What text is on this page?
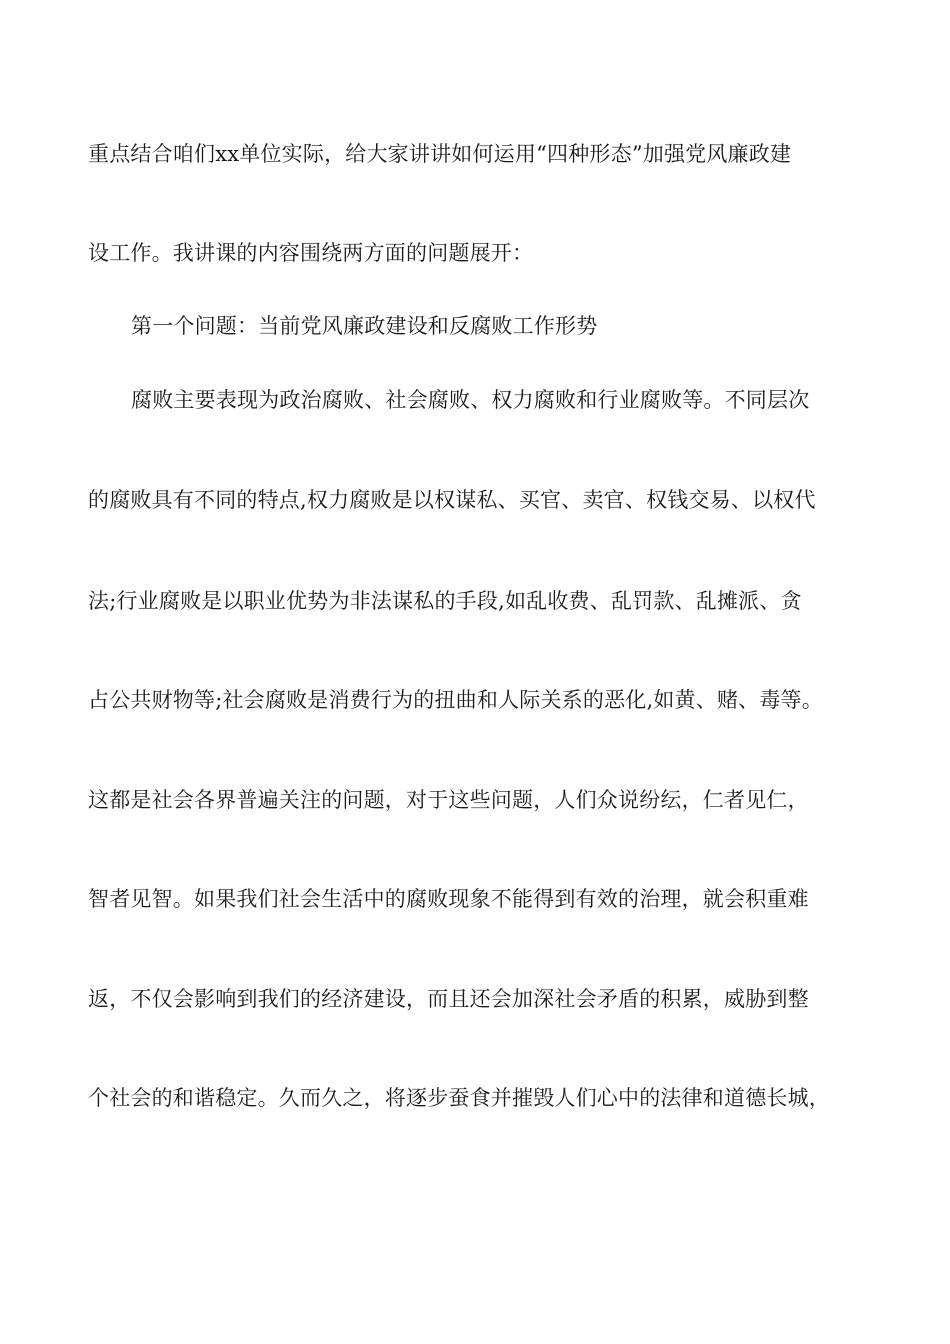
重点结合咱们xx单位实际，给大家讲讲如何运用“四种形态”加强党风廉政建
设工作。我讲课的内容围绕两方面的问题展开：
第一个问题：当前党风廉政建设和反腐败工作形势
腐败主要表现为政治腐败、社会腐败、权力腐败和行业腐败等。不同层次
的腐败具有不同的特点,权力腐败是以权谋私、买官、卖官、权钱交易、以权代
法;行业腐败是以职业优势为非法谋私的手段,如乱收费、乱罚款、乱摊派、贪
占公共财物等;社会腐败是消费行为的扭曲和人际关系的恶化,如黄、赌、毒等。
这都是社会各界普遍关注的问题，对于这些问题，人们众说纷纭，仁者见仁，
智者见智。如果我们社会生活中的腐败现象不能得到有效的治理，就会积重难
返，不仅会影响到我们的经济建设，而且还会加深社会矛盾的积累，威胁到整
个社会的和谐稳定。久而久之，将逐步蚕食并摧毁人们心中的法律和道德长城，
